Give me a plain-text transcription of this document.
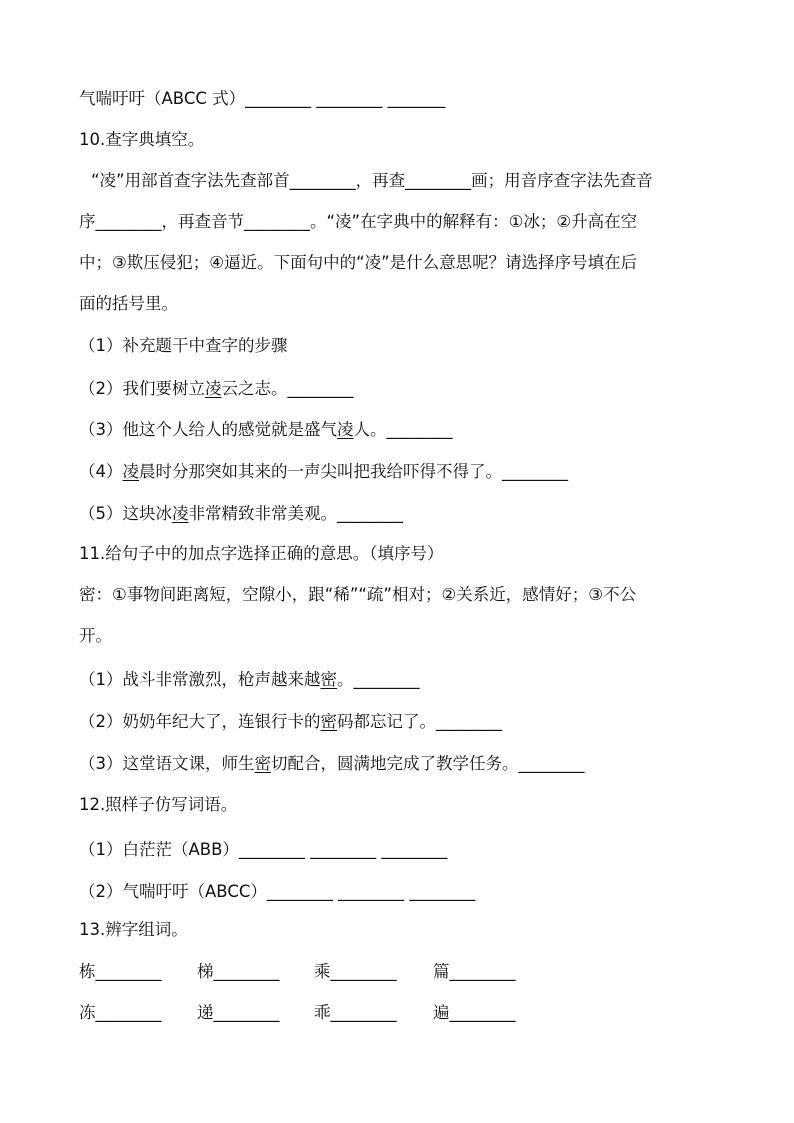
气喘吁吁（ABCC 式）________ ________ _______
10.查字典填空。
“凌”用部首查字法先查部首________，再查________画；用音序查字法先查音
序________，再查音节________。“凌”在字典中的解释有：①冰；②升高在空
中；③欺压侵犯；④逼近。下面句中的“凌”是什么意思呢？请选择序号填在后
面的括号里。
（1）补充题干中查字的步骤
（2）我们要树立凌云之志。________
（3）他这个人给人的感觉就是盛气凌人。________
（4）凌晨时分那突如其来的一声尖叫把我给吓得不得了。________
（5）这块冰凌非常精致非常美观。________
11.给句子中的加点字选择正确的意思。（填序号）
密：①事物间距离短，空隙小，跟“稀”“疏”相对；②关系近，感情好；③不公
开。
（1）战斗非常激烈，枪声越来越密。________
（2）奶奶年纪大了，连银行卡的密码都忘记了。________
（3）这堂语文课，师生密切配合，圆满地完成了教学任务。________
12.照样子仿写词语。
（1）白茫茫（ABB）________ ________ ________
（2）气喘吁吁（ABCC）________ ________ ________
13.辨字组词。
栋________ 梯________ 乘________ 篇________
冻________ 递________ 乖________ 遍________
